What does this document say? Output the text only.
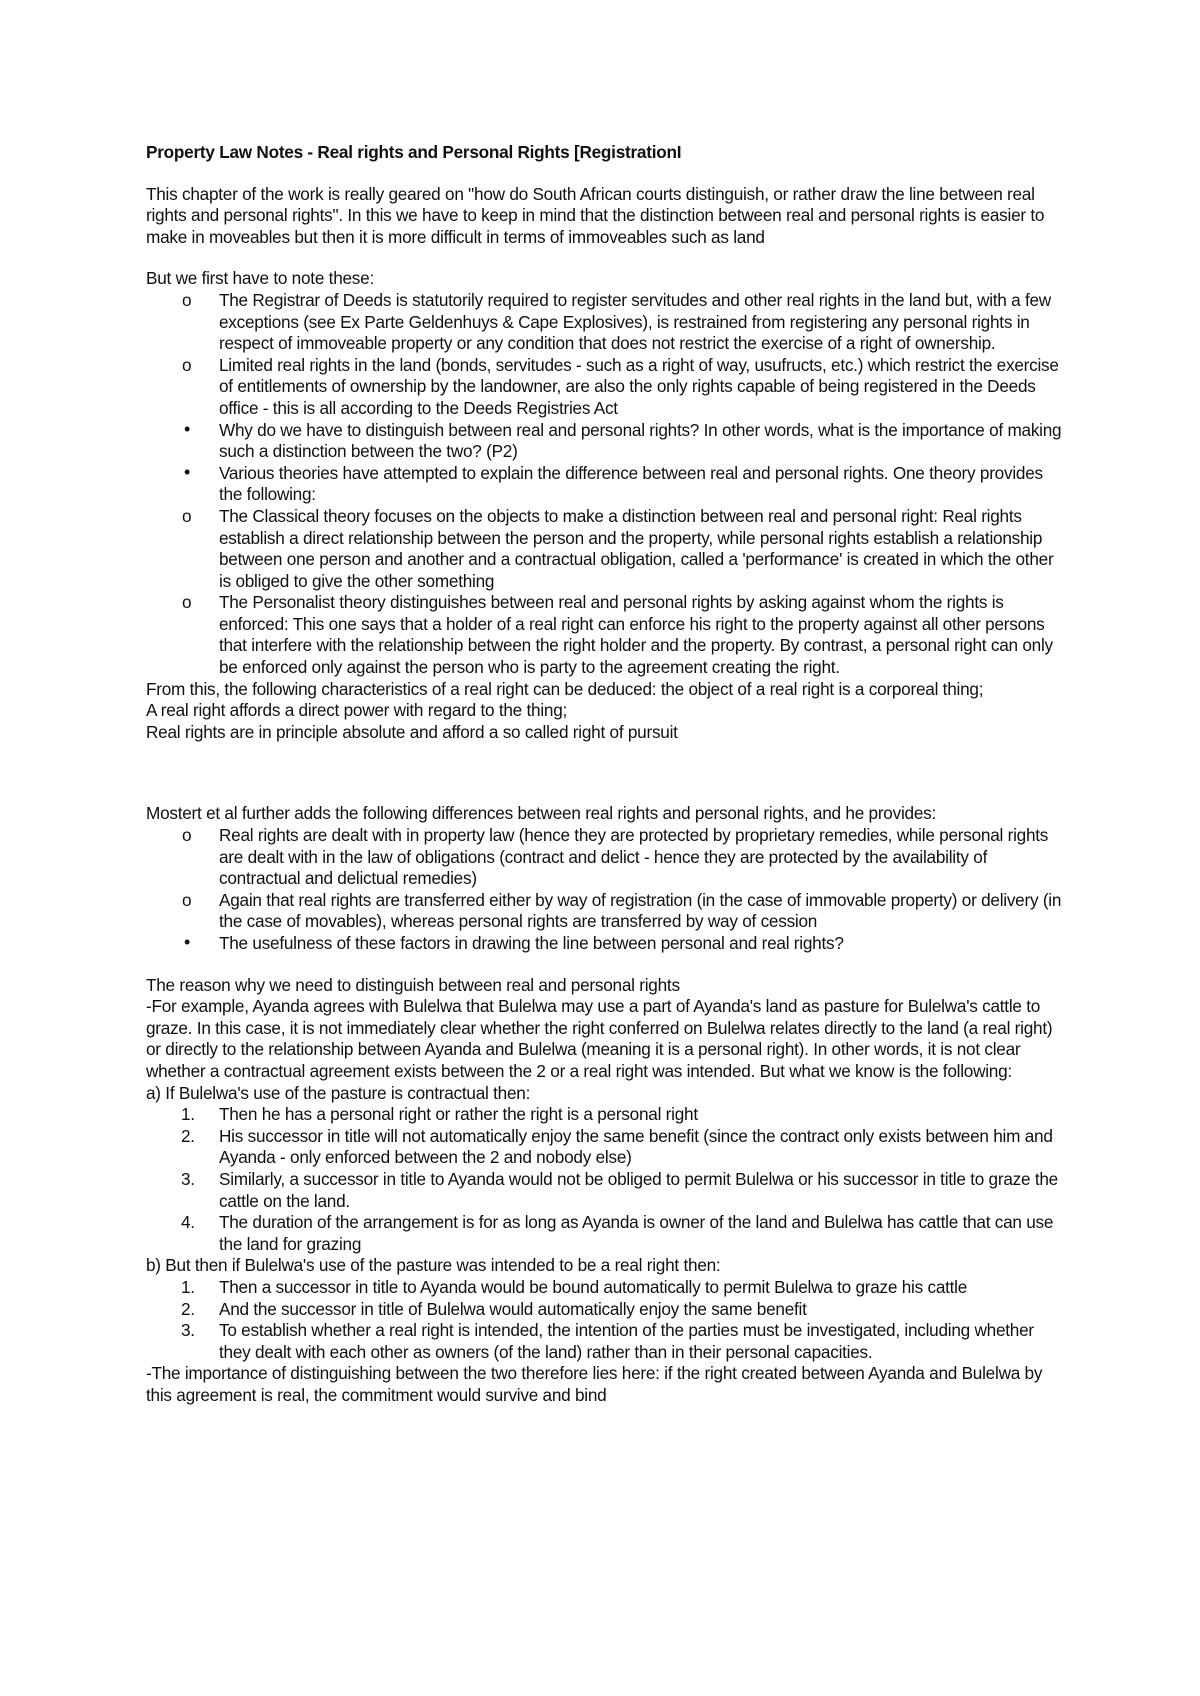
Property Law Notes - Real rights and Personal Rights [RegistrationI

This chapter of the work is really geared on "how do South African courts distinguish, or rather draw the line between real rights and personal rights". In this we have to keep in mind that the distinction between real and personal rights is easier to make in moveables but then it is more difficult in terms of immoveables such as land

But we first have to note these:

o	The Registrar of Deeds is statutorily required to register servitudes and other real rights in the land but, with a few exceptions (see Ex Parte Geldenhuys & Cape Explosives), is restrained from registering any personal rights in respect of immoveable property or any condition that does not restrict the exercise of a right of ownership.
o	Limited real rights in the land (bonds, servitudes - such as a right of way, usufructs, etc.) which restrict the exercise of entitlements of ownership by the landowner, are also the only rights capable of being registered in the Deeds office - this is all according to the Deeds Registries Act
•	Why do we have to distinguish between real and personal rights? In other words, what is the importance of making such a distinction between the two? (P2)
•	Various theories have attempted to explain the difference between real and personal rights. One theory provides the following:
o	The Classical theory focuses on the objects to make a distinction between real and personal right: Real rights establish a direct relationship between the person and the property, while personal rights establish a relationship between one person and another and a contractual obligation, called a 'performance' is created in which the other is obliged to give the other something
o	The Personalist theory distinguishes between real and personal rights by asking against whom the rights is enforced: This one says that a holder of a real right can enforce his right to the property against all other persons that interfere with the relationship between the right holder and the property. By contrast, a personal right can only be enforced only against the person who is party to the agreement creating the right.

From this, the following characteristics of a real right can be deduced: the object of a real right is a corporeal thing;

A real right affords a direct power with regard to the thing;

Real rights are in principle absolute and afford a so called right of pursuit

Mostert et al further adds the following differences between real rights and personal rights, and he provides:

o	Real rights are dealt with in property law (hence they are protected by proprietary remedies, while personal rights are dealt with in the law of obligations (contract and delict - hence they are protected by the availability of contractual and delictual remedies)
o	Again that real rights are transferred either by way of registration (in the case of immovable property) or delivery (in the case of movables), whereas personal rights are transferred by way of cession
•	The usefulness of these factors in drawing the line between personal and real rights?

The reason why we need to distinguish between real and personal rights

-For example, Ayanda agrees with Bulelwa that Bulelwa may use a part of Ayanda's land as pasture for Bulelwa's cattle to graze. In this case, it is not immediately clear whether the right conferred on Bulelwa relates directly to the land (a real right) or directly to the relationship between Ayanda and Bulelwa (meaning it is a personal right). In other words, it is not clear whether a contractual agreement exists between the 2 or a real right was intended. But what we know is the following:

a) If Bulelwa's use of the pasture is contractual then:

1.	Then he has a personal right or rather the right is a personal right
2.	His successor in title will not automatically enjoy the same benefit (since the contract only exists between him and Ayanda - only enforced between the 2 and nobody else)
3.	Similarly, a successor in title to Ayanda would not be obliged to permit Bulelwa or his successor in title to graze the cattle on the land.
4.	The duration of the arrangement is for as long as Ayanda is owner of the land and Bulelwa has cattle that can use the land for grazing

b) But then if Bulelwa's use of the pasture was intended to be a real right then:

1.	Then a successor in title to Ayanda would be bound automatically to permit Bulelwa to graze his cattle
2.	And the successor in title of Bulelwa would automatically enjoy the same benefit
3.	To establish whether a real right is intended, the intention of the parties must be investigated, including whether they dealt with each other as owners (of the land) rather than in their personal capacities.

-The importance of distinguishing between the two therefore lies here: if the right created between Ayanda and Bulelwa by this agreement is real, the commitment would survive and bind
